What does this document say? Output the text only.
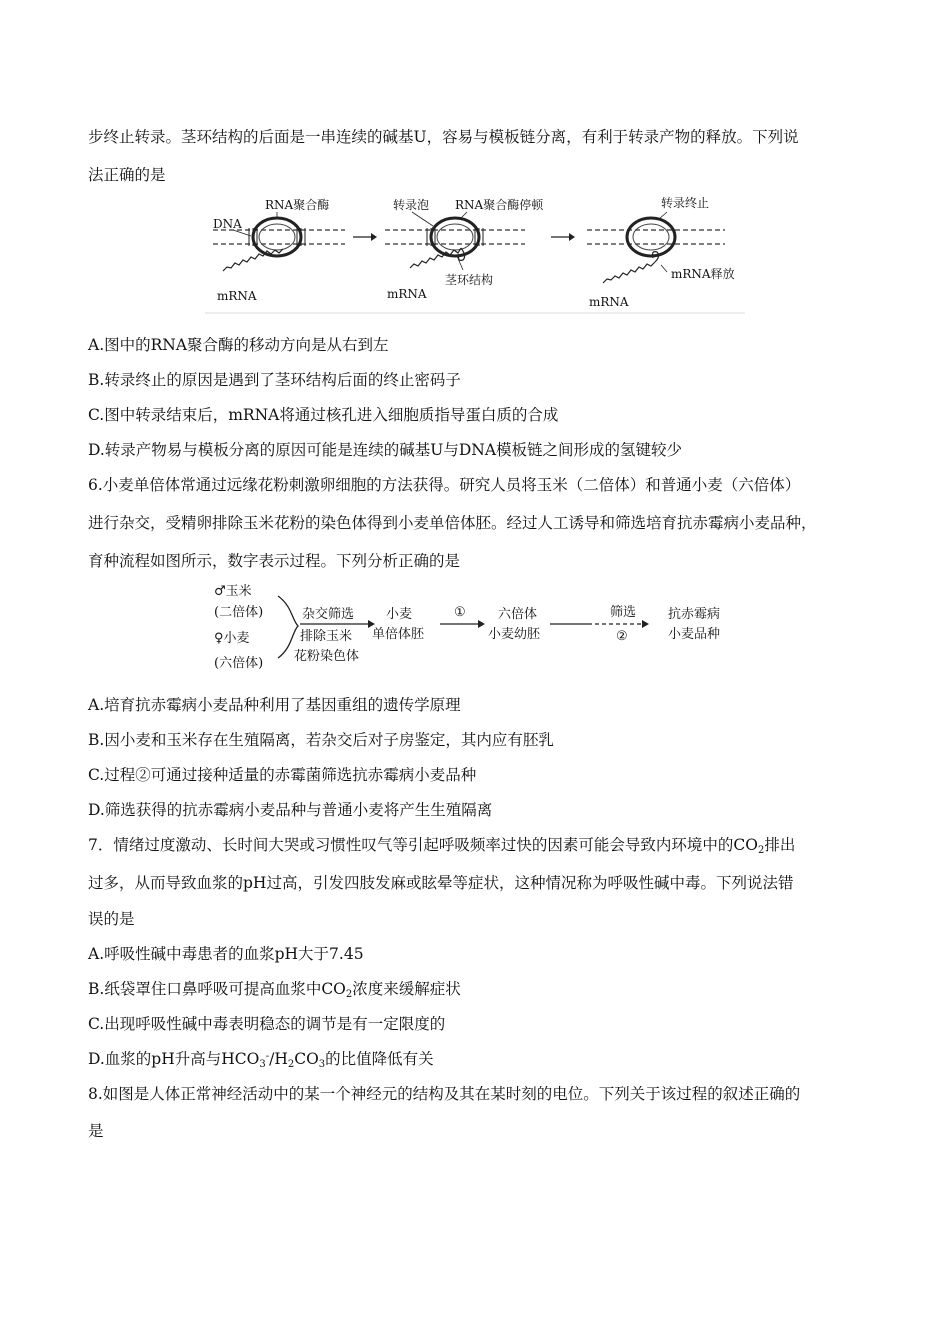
步终止转录。茎环结构的后面是一串连续的碱基U，容易与模板链分离，有利于转录产物的释放。下列说
法正确的是
DNA
RNA聚合酶
mRNA
转录泡 RNA聚合酶停顿
mRNA
茎环结构
转录终止
mRNA释放
mRNA
A.图中的RNA聚合酶的移动方向是从右到左
B.转录终止的原因是遇到了茎环结构后面的终止密码子
C.图中转录结束后，mRNA将通过核孔进入细胞质指导蛋白质的合成
D.转录产物易与模板分离的原因可能是连续的碱基U与DNA模板链之间形成的氢键较少
6.小麦单倍体常通过远缘花粉刺激卵细胞的方法获得。研究人员将玉米（二倍体）和普通小麦（六倍体）
进行杂交，受精卵排除玉米花粉的染色体得到小麦单倍体胚。经过人工诱导和筛选培育抗赤霉病小麦品种，
育种流程如图所示，数字表示过程。下列分析正确的是
♂玉米
(二倍体)
♀小麦
(六倍体)
杂交筛选
排除玉米
花粉染色体
小麦
单倍体胚
① 六倍体
小麦幼胚
筛选
②
抗赤霉病
小麦品种
A.培育抗赤霉病小麦品种利用了基因重组的遗传学原理
B.因小麦和玉米存在生殖隔离，若杂交后对子房鉴定，其内应有胚乳
C.过程②可通过接种适量的赤霉菌筛选抗赤霉病小麦品种
D.筛选获得的抗赤霉病小麦品种与普通小麦将产生生殖隔离
7．情绪过度激动、长时间大哭或习惯性叹气等引起呼吸频率过快的因素可能会导致内环境中的$CO_2$排出
过多，从而导致血浆的pH过高，引发四肢发麻或眩晕等症状，这种情况称为呼吸性碱中毒。下列说法错
误的是
A.呼吸性碱中毒患者的血浆pH大于7.45
B.纸袋罩住口鼻呼吸可提高血浆中$CO_2$浓度来缓解症状
C.出现呼吸性碱中毒表明稳态的调节是有一定限度的
D.血浆的pH升高与$HCO_3^-/H_2CO_3$的比值降低有关
8.如图是人体正常神经活动中的某一个神经元的结构及其在某时刻的电位。下列关于该过程的叙述正确的
是
